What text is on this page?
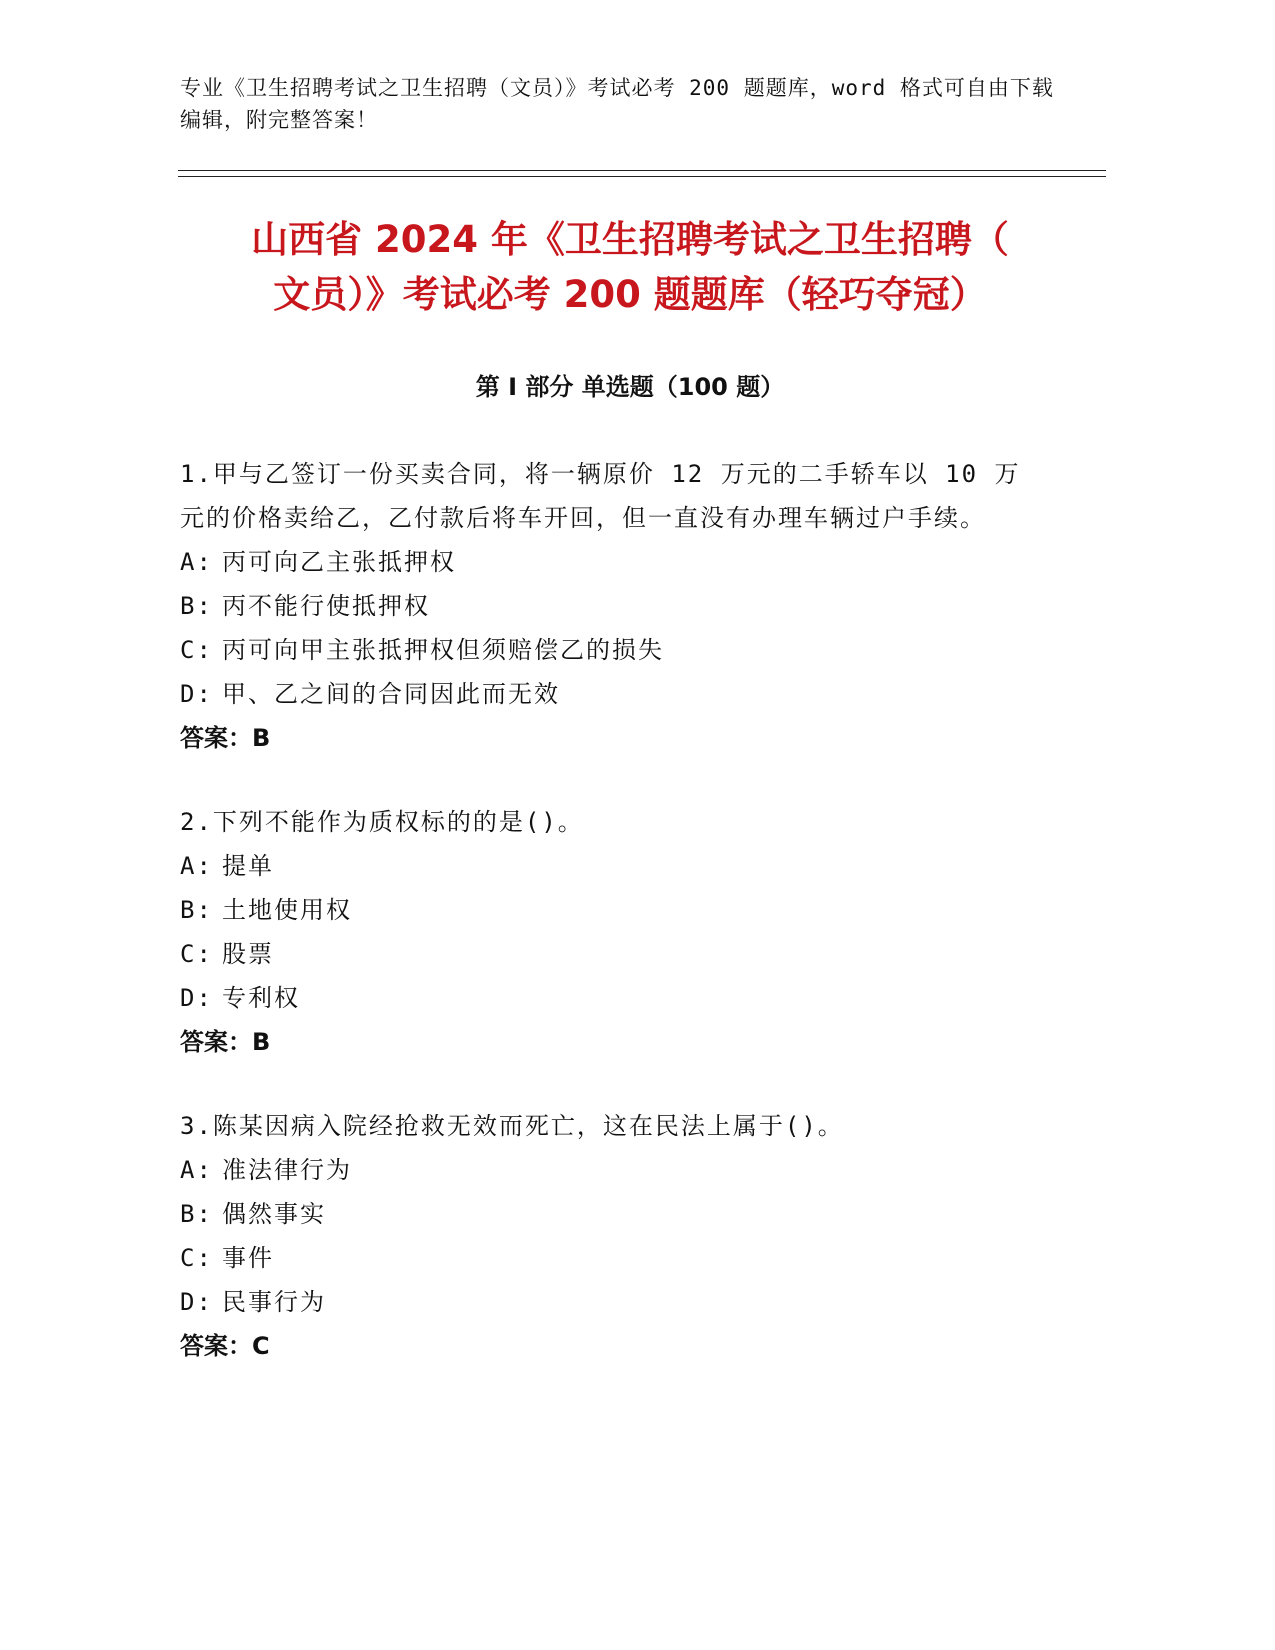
专业《卫生招聘考试之卫生招聘（文员）》考试必考 200 题题库，word 格式可自由下载编辑，附完整答案！
山西省 2024 年《卫生招聘考试之卫生招聘（
文员）》考试必考 200 题题库（轻巧夺冠）
第 I 部分 单选题（100 题）

1.甲与乙签订一份买卖合同，将一辆原价 12 万元的二手轿车以 10 万元的价格卖给乙，乙付款后将车开回，但一直没有办理车辆过户手续。

A: 丙可向乙主张抵押权
B: 丙不能行使抵押权
C: 丙可向甲主张抵押权但须赔偿乙的损失
D: 甲、乙之间的合同因此而无效

答案：B

2.下列不能作为质权标的的是()。

A: 提单
B: 土地使用权
C: 股票
D: 专利权

答案：B

3.陈某因病入院经抢救无效而死亡，这在民法上属于()。

A: 准法律行为
B: 偶然事实
C: 事件
D: 民事行为

答案：C
